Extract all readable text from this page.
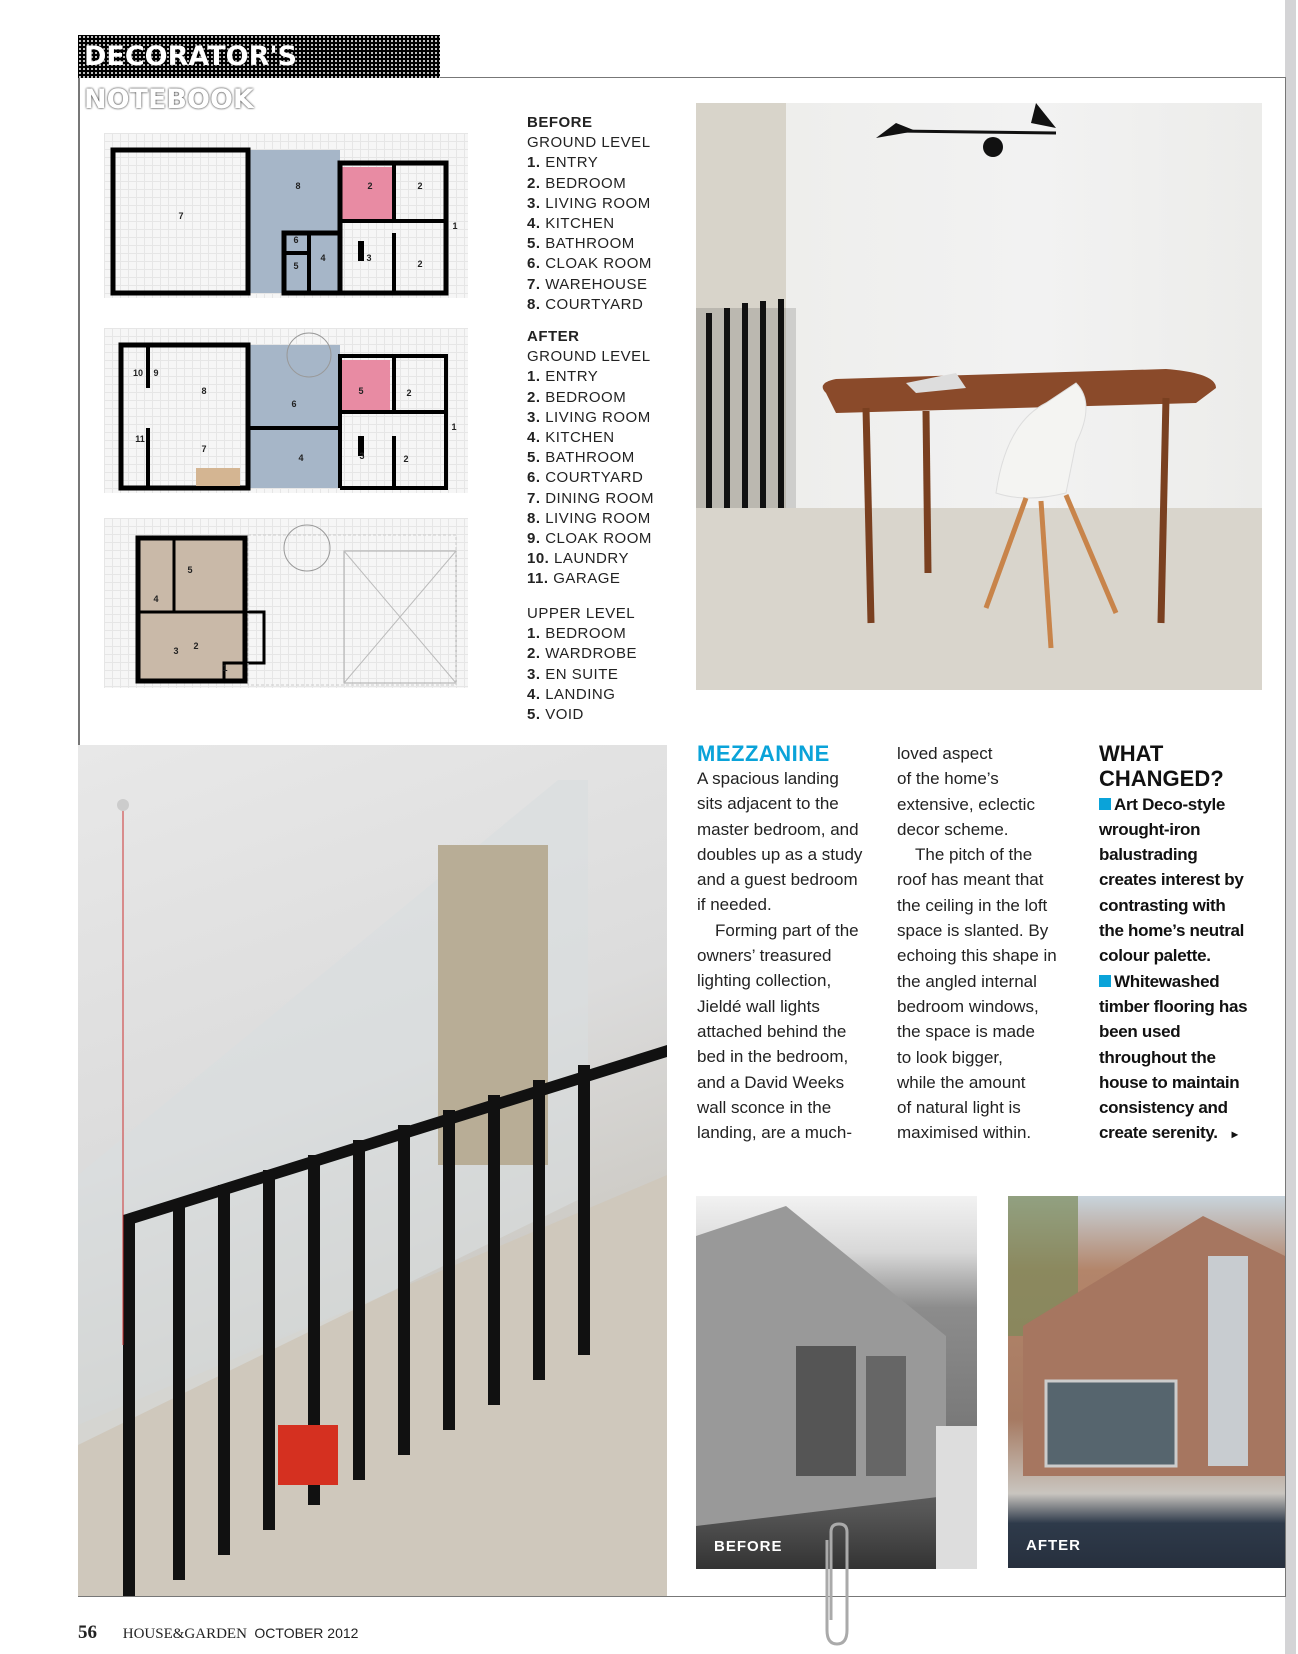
DECORATOR'S NOTEBOOK
7
8	2	2
6
5
4	3
2
1
10 9
8
6
5	2
1
11
7
4	3	2
4
5
2
3
1
BEFORE
GROUND LEVEL
1. ENTRY
2. BEDROOM
3. LIVING ROOM
4. KITCHEN
5. BATHROOM
6. CLOAK ROOM
7. WAREHOUSE
8. COURTYARD
AFTER
GROUND LEVEL
1. ENTRY
2. BEDROOM
3. LIVING ROOM
4. KITCHEN
5. BATHROOM
6. COURTYARD
7. DINING ROOM
8. LIVING ROOM
9. CLOAK ROOM
10. LAUNDRY
11. GARAGE
UPPER LEVEL
1. BEDROOM
2. WARDROBE
3. EN SUITE
4. LANDING
5. VOID
BEFORE	AFTER
MEZZANINE
A spacious landing
sits adjacent to the
master bedroom, and
doubles up as a study
and a guest bedroom
if needed.
Forming part of the
owners’ treasured
lighting collection,
Jieldé wall lights
attached behind the
bed in the bedroom,
and a David Weeks
wall sconce in the
landing, are a much-
loved aspect
of the home’s
extensive, eclectic
decor scheme.
The pitch of the
roof has meant that
the ceiling in the loft
space is slanted. By
echoing this shape in
the angled internal
bedroom windows,
the space is made
to look bigger,
while the amount
of natural light is
maximised within.
WHAT
CHANGED?
Art Deco-style
wrought-iron
balustrading
creates interest by
contrasting with
the home’s neutral
colour palette.
Whitewashed
timber flooring has
been used
throughout the
house to maintain
consistency and
create serenity. ▸
56 HOUSE&GARDEN OCTOBER 2012
